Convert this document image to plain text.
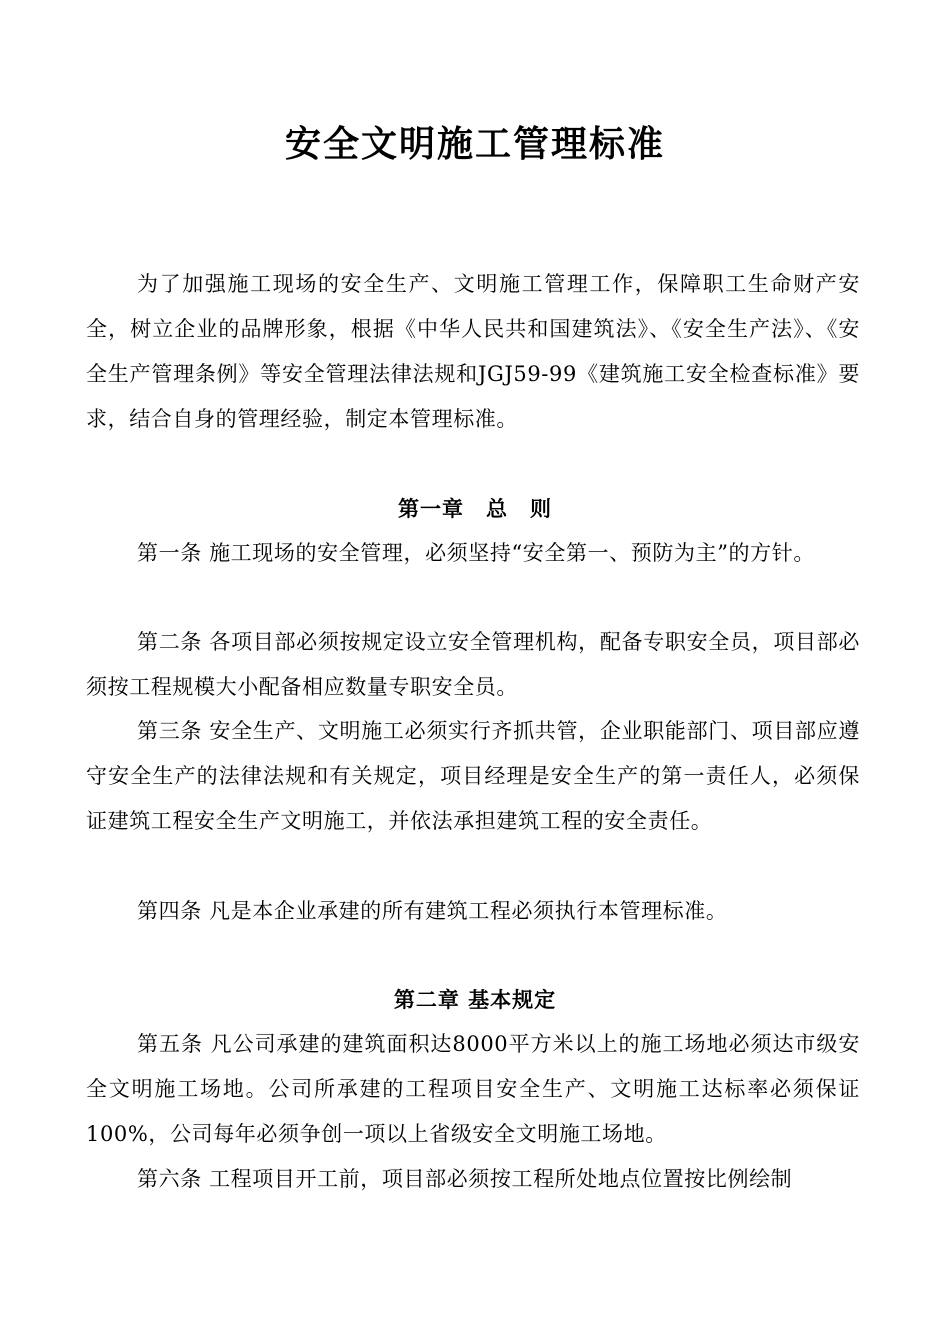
安全文明施工管理标准

为了加强施工现场的安全生产、文明施工管理工作，保障职工生命财产安全，树立企业的品牌形象，根据《中华人民共和国建筑法》、《安全生产法》、《安全生产管理条例》等安全管理法律法规和JGJ59-99《建筑施工安全检查标准》要求，结合自身的管理经验，制定本管理标准。

第一章　总　则

第一条 施工现场的安全管理，必须坚持“安全第一、预防为主”的方针。

第二条 各项目部必须按规定设立安全管理机构，配备专职安全员，项目部必须按工程规模大小配备相应数量专职安全员。

第三条 安全生产、文明施工必须实行齐抓共管，企业职能部门、项目部应遵守安全生产的法律法规和有关规定，项目经理是安全生产的第一责任人，必须保证建筑工程安全生产文明施工，并依法承担建筑工程的安全责任。

第四条 凡是本企业承建的所有建筑工程必须执行本管理标准。

第二章 基本规定

第五条 凡公司承建的建筑面积达8000平方米以上的施工场地必须达市级安全文明施工场地。公司所承建的工程项目安全生产、文明施工达标率必须保证100%，公司每年必须争创一项以上省级安全文明施工场地。

第六条 工程项目开工前，项目部必须按工程所处地点位置按比例绘制
